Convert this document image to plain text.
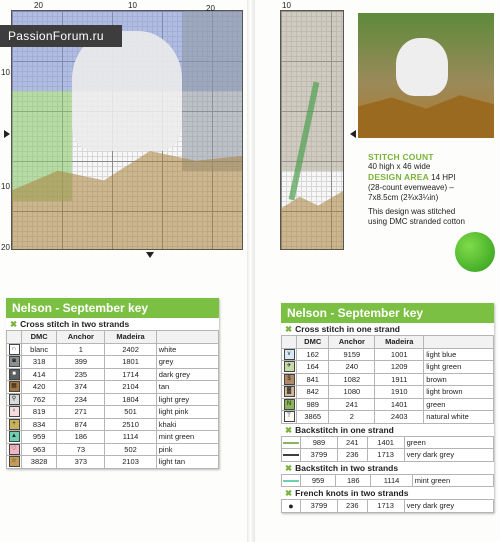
20	10	20
10
10
20
PassionForum.ru
10
STITCH COUNT
40 high x 46 wide
DESIGN AREA 14 HPI
(28-count evenweave) –
7x8.5cm (2¾x3¼in)
This design was stitched using DMC stranded cotton
Nelson - September key
✖ Cross stitch in two strands
	DMC	Anchor	Madeira	
∩	blanc	1	2402	white
◙	318	399	1801	grey
■	414	235	1714	dark grey
▦	420	374	2104	tan
⚲	762	234	1804	light grey
♀	819	271	501	light pink
+	834	874	2510	khaki
▲	959	186	1114	mint green
♡	963	73	502	pink
☆	3828	373	2103	light tan
Nelson - September key
✖ Cross stitch in one strand
	DMC	Anchor	Madeira	
v	162	9159	1001	light blue
✈	164	240	1209	light green
$	841	1082	1911	brown
▓	842	1080	1910	light brown
N	989	241	1401	green
⊤	3865	2	2403	natural white
✖ Backstitch in one strand
	989	241	1401	green
	3799	236	1713	very dark grey
✖ Backstitch in two strands
	959	186	1114	mint green
✖ French knots in two strands
●	3799	236	1713	very dark grey
